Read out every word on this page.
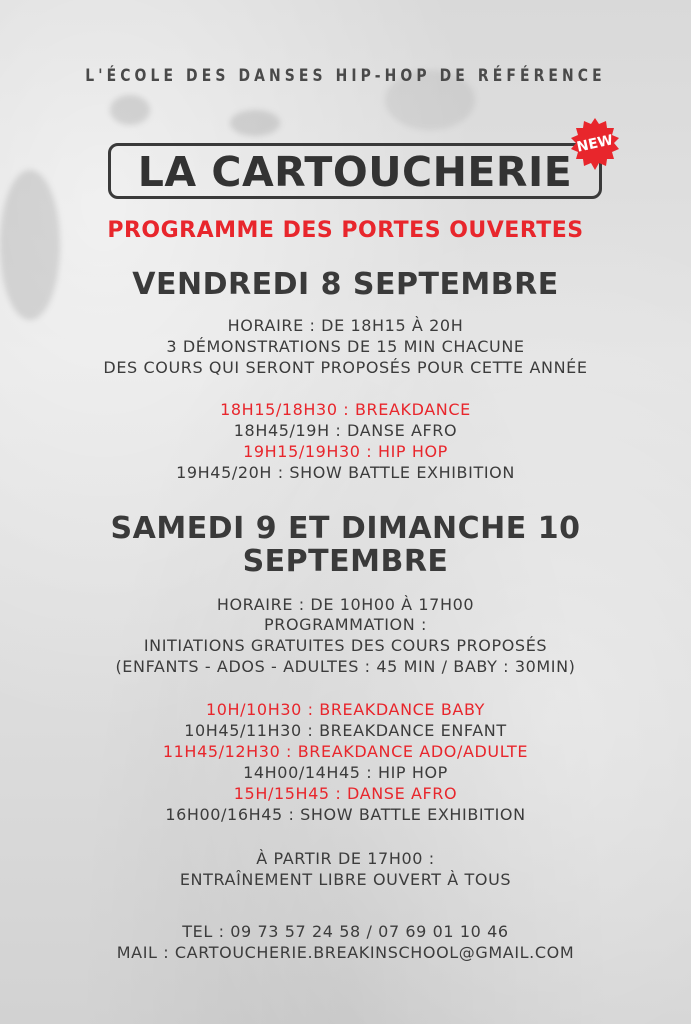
L'ÉCOLE DES DANSES HIP-HOP DE RÉFÉRENCE
LA CARTOUCHERIE
NEW
PROGRAMME DES PORTES OUVERTES
VENDREDI 8 SEPTEMBRE
HORAIRE : DE 18H15 À 20H
3 DÉMONSTRATIONS DE 15 MIN CHACUNE
DES COURS QUI SERONT PROPOSÉS POUR CETTE ANNÉE
18H15/18H30 : BREAKDANCE
18H45/19H : DANSE AFRO
19H15/19H30 : HIP HOP
19H45/20H : SHOW BATTLE EXHIBITION
SAMEDI 9 ET DIMANCHE 10
SEPTEMBRE
HORAIRE : DE 10H00 À 17H00
PROGRAMMATION :
INITIATIONS GRATUITES DES COURS PROPOSÉS
(ENFANTS - ADOS - ADULTES : 45 MIN / BABY : 30MIN)
10H/10H30 : BREAKDANCE BABY
10H45/11H30 : BREAKDANCE ENFANT
11H45/12H30 : BREAKDANCE ADO/ADULTE
14H00/14H45 : HIP HOP
15H/15H45 : DANSE AFRO
16H00/16H45 : SHOW BATTLE EXHIBITION
À PARTIR DE 17H00 :
ENTRAÎNEMENT LIBRE OUVERT À TOUS
TEL : 09 73 57 24 58 / 07 69 01 10 46
MAIL : CARTOUCHERIE.BREAKINSCHOOL@GMAIL.COM
